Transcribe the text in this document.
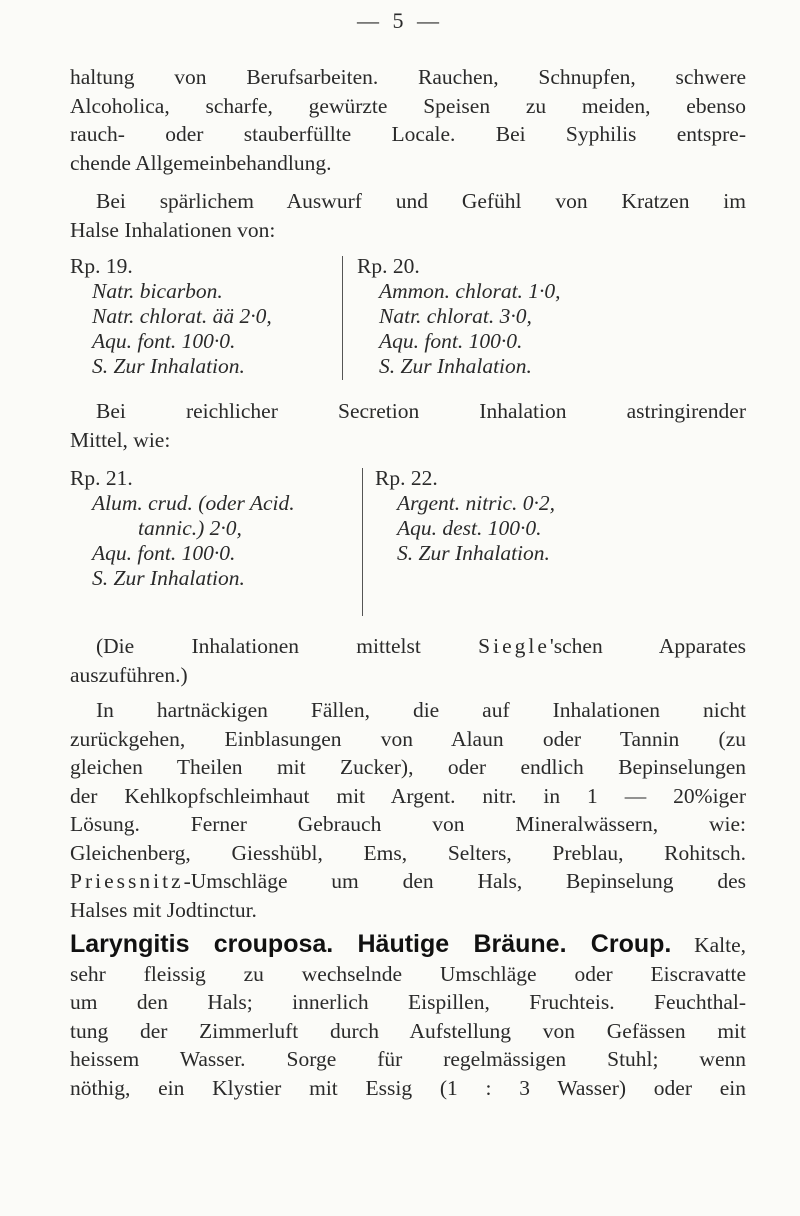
— 5 —

haltung von Berufsarbeiten. Rauchen, Schnupfen, schwere
Alcoholica, scharfe, gewürzte Speisen zu meiden, ebenso
rauch- oder stauberfüllte Locale. Bei Syphilis entspre-
chende Allgemeinbehandlung.

Bei spärlichem Auswurf und Gefühl von Kratzen im
Halse Inhalationen von:

Rp. 19.
Natr. bicarbon.
Natr. chlorat. ää 2·0,
Aqu. font. 100·0.
S. Zur Inhalation.
Rp. 20.
Ammon. chlorat. 1·0,
Natr. chlorat. 3·0,
Aqu. font. 100·0.
S. Zur Inhalation.

Bei reichlicher Secretion Inhalation astringirender
Mittel, wie:

Rp. 21.
Alum. crud. (oder Acid.
tannic.) 2·0,
Aqu. font. 100·0.
S. Zur Inhalation.
Rp. 22.
Argent. nitric. 0·2,
Aqu. dest. 100·0.
S. Zur Inhalation.

(Die Inhalationen mittelst	Siegle'schen Apparates
auszuführen.)

In hartnäckigen Fällen, die auf Inhalationen nicht
zurückgehen, Einblasungen von Alaun oder Tannin (zu
gleichen Theilen mit Zucker), oder endlich Bepinselungen
der Kehlkopfschleimhaut mit Argent. nitr. in 1 — 20%iger
Lösung. Ferner Gebrauch von Mineralwässern, wie:
Gleichenberg, Giesshübl, Ems, Selters, Preblau, Rohitsch.
Priessnitz-Umschläge um den Hals, Bepinselung des
Halses mit Jodtinctur.

Laryngitis crouposa. Häutige Bräune. Croup. Kalte,
sehr fleissig zu wechselnde Umschläge oder Eiscravatte
um den Hals; innerlich Eispillen, Fruchteis. Feuchthal-
tung der Zimmerluft durch Aufstellung von Gefässen mit
heissem Wasser. Sorge für regelmässigen Stuhl; wenn
nöthig, ein Klystier mit Essig (1 : 3 Wasser) oder ein
